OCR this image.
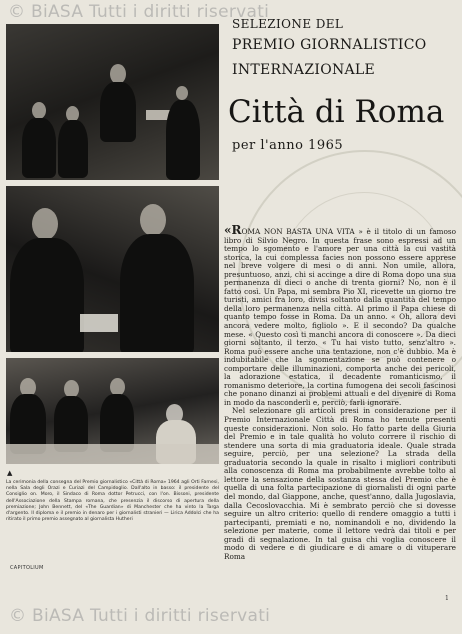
▲
La cerimonia della consegna del Premio giornalistico «Città di Roma» 1964 agli Orti Farnesi, nella Sala degli Orazi e Curiazi del Campidoglio. Dall'alto in basso: il presidente del Consiglio on. Moro, il Sindaco di Roma dottor Petrucci, con l'on. Bissoni, presidente dell'Associazione della Stampa romana, che presenzia il discorso di apertura della premiazione; John Bennett, del «The Guardian» di Manchester che ha vinto la Targa d'argento. Il diploma e il premio in denaro per i giornalisti stranieri — Lirica Addolci che ha ritirato il primo premio assegnato al giornalista Hutheri
CAPITOLIUM
SELEZIONE DEL
PREMIO GIORNALISTICO
INTERNAZIONALE
Città di Roma
per l'anno 1965

«ROMA NON BASTA UNA VITA » è il titolo di un famoso libro di Silvio Negro. In questa frase sono espressi ad un tempo lo sgomento e l'amore per una città la cui vastità storica, la cui complessa facies non possono essere apprese nel breve volgere di mesi o di anni. Non umile, allora, presuntuoso, anzi, chi si accinge a dire di Roma dopo una sua permanenza di dieci o anche di trenta giorni? No, non è il fatto così. Un Papa, mi sembra Pio XI, ricevette un giorno tre turisti, amici fra loro, divisi soltanto dalla quantità del tempo della loro permanenza nella città. Al primo il Papa chiese di quanto tempo fosse in Roma. Da un anno. « Oh, allora devi ancora vedere molto, figliolo ». E il secondo? Da qualche mese. « Questo così ti manchi ancora di conoscere ». Da dieci giorni soltanto, il terzo. « Tu hai visto tutto, senz'altro ». Roma può essere anche una tentazione, non c'è dubbio. Ma è indubitabile che la sgomentazione se può contenere o comportare delle illuminazioni, comporta anche dei pericoli, la adorazione estatica, il decadente romanticismo, il romanismo deteriore, la cortina fumogena dei secoli fascinosi che ponano dinanzi ai problemi attuali e del divenire di Roma in modo da nasconderli e, perciò, farli ignorare.

Nel selezionare gli articoli presi in considerazione per il Premio Internazionale Città di Roma ho tenute presenti queste considerazioni. Non solo. Ho fatto parte della Giuria del Premio e in tale qualità ho voluto correre il rischio di stendere una sorta di mia graduatoria ideale. Quale strada seguire, perciò, per una selezione? La strada della graduatoria secondo la quale in risalto i migliori contributi alla conoscenza di Roma ma probabilmente avrebbe tolto al lettore la sensazione della sostanza stessa del Premio che è quella di una folta partecipazione di giornalisti di ogni parte del mondo, dal Giappone, anche, quest'anno, dalla Jugoslavia, dalla Cecoslovacchia. Mi è sembrato perciò che si dovesse seguire un altro criterio: quello di rendere omaggio a tutti i partecipanti, premiati e no, nominandoli e no, dividendo la selezione per materie, come il lettore vedrà dai titoli e per gradi di segnalazione. In tal guisa chi voglia conoscere il modo di vedere e di giudicare e di amare o di vituperare Roma

1
© BiASA Tutti i diritti riservati
© BiASA Tutti i diritti riservati
